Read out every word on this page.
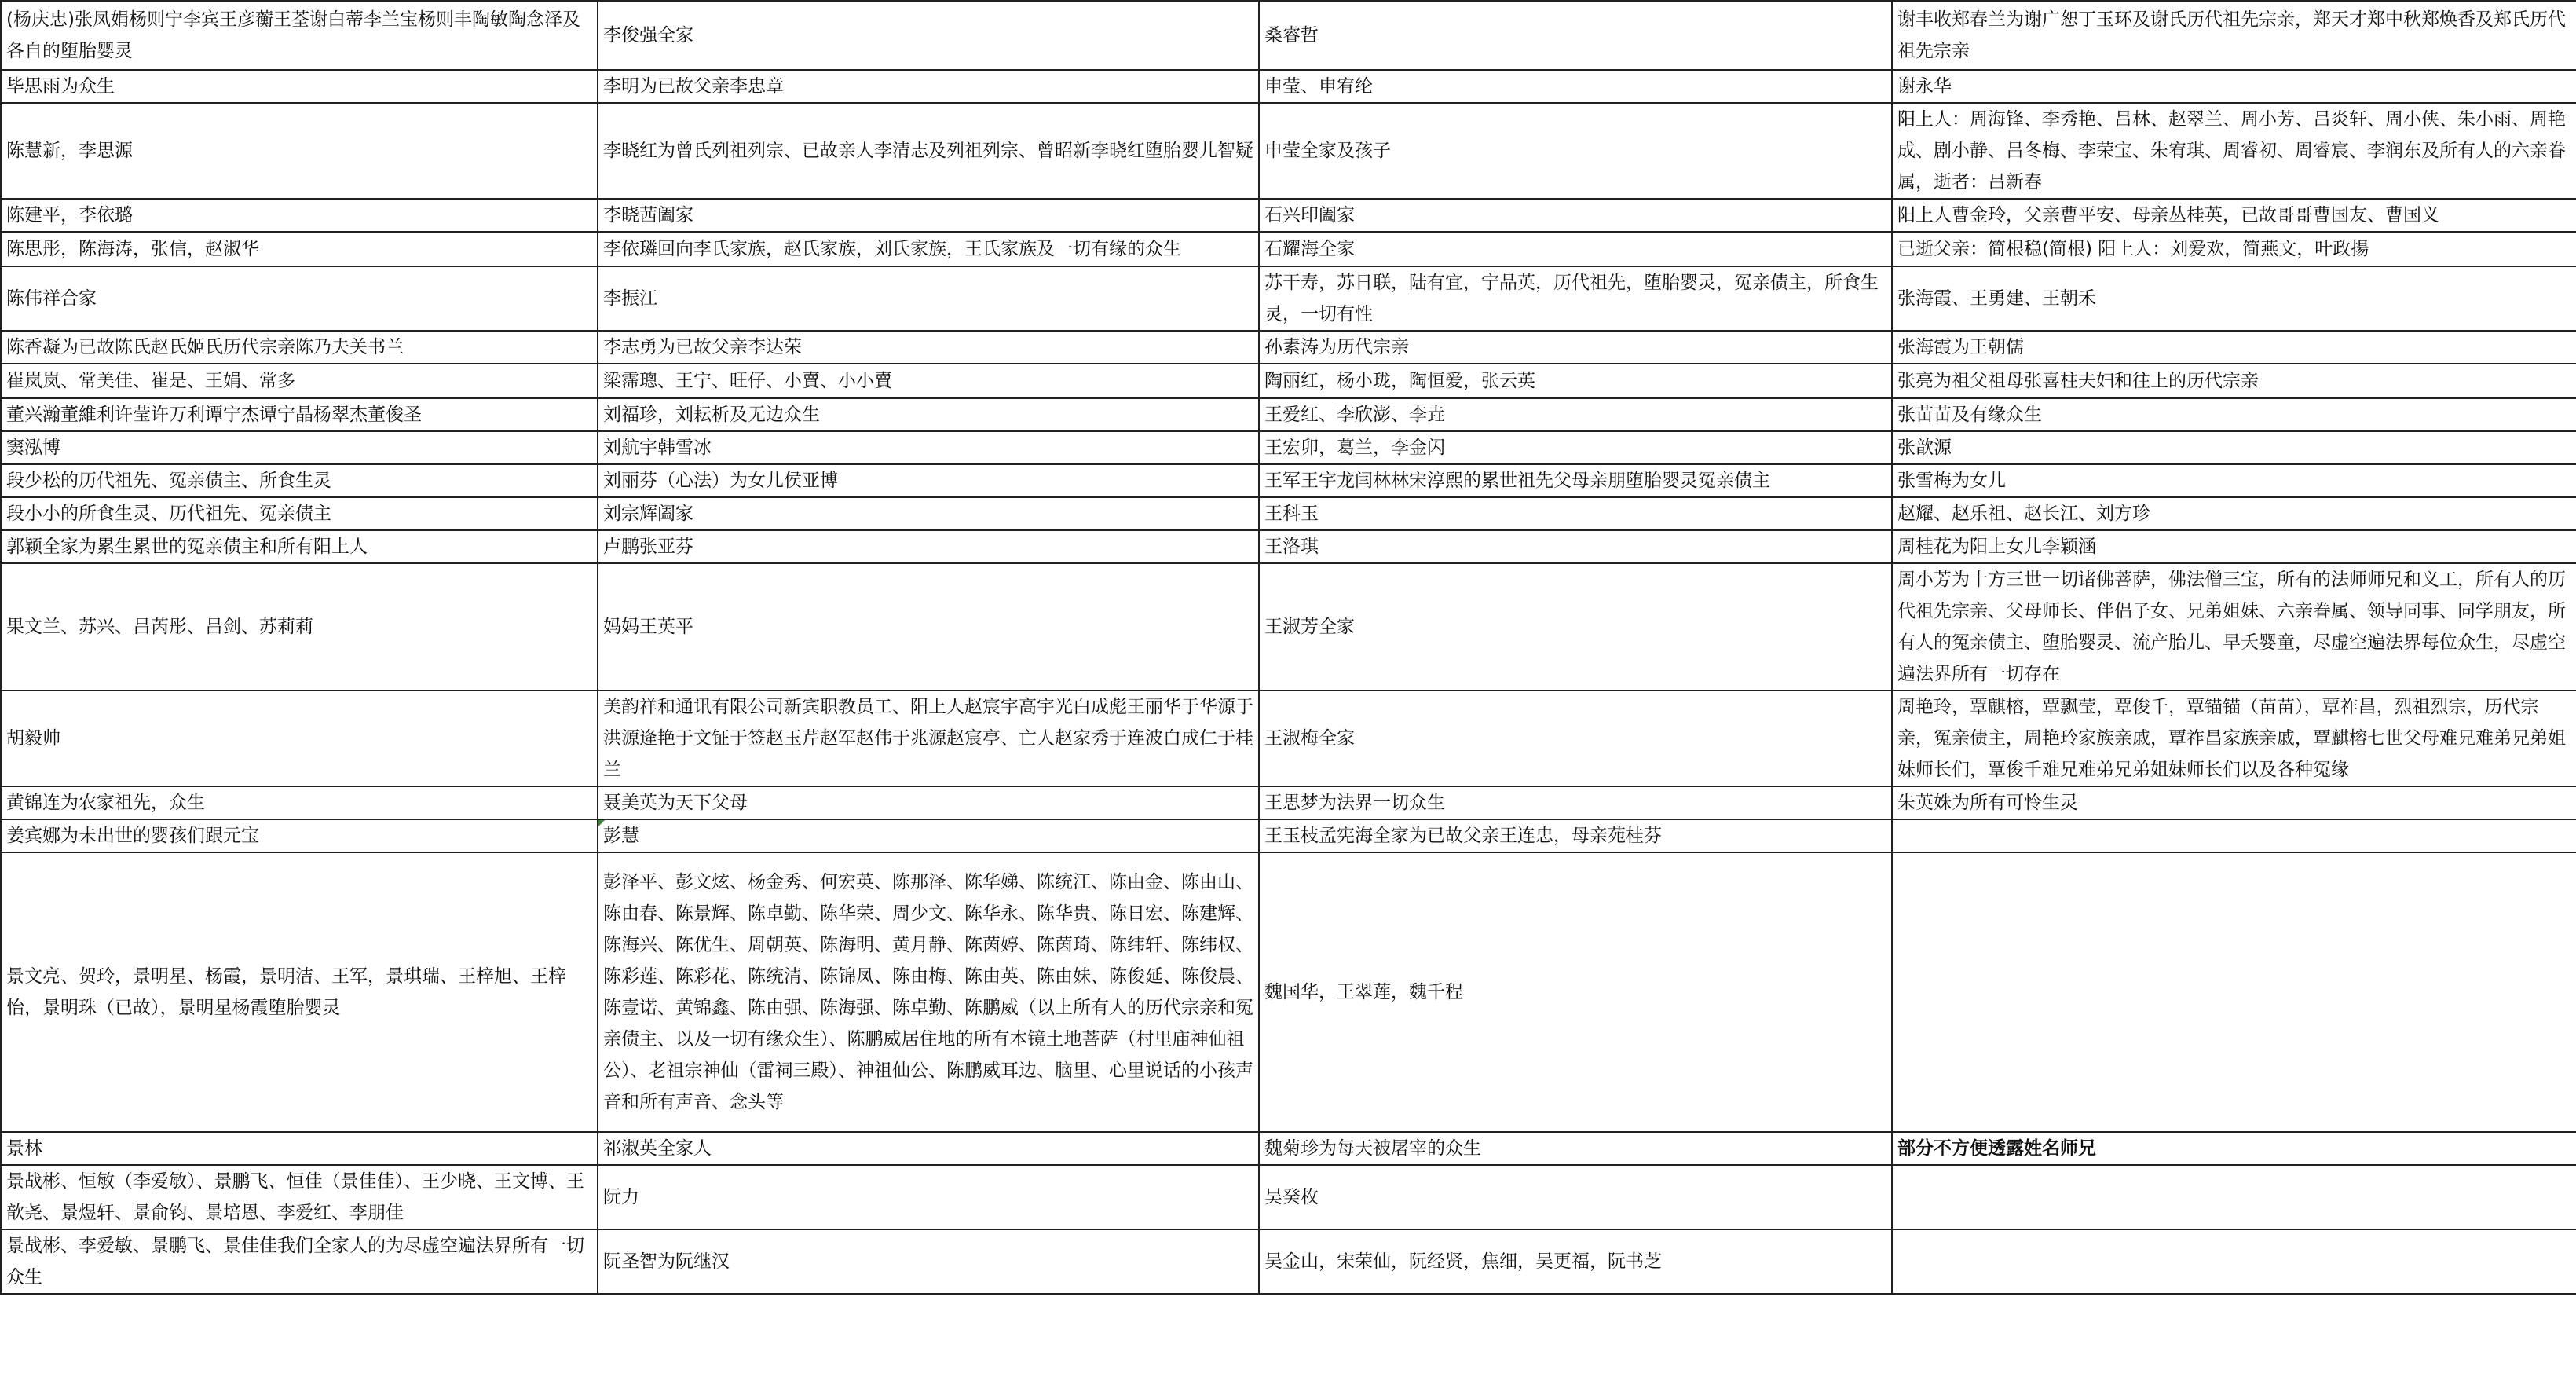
(杨庆忠)张凤娟杨则宁李宾王彦蘅王荃谢白蒂李兰宝杨则丰陶敏陶念泽及各自的堕胎婴灵	李俊强全家	桑睿哲	谢丰收郑春兰为谢广恕丁玉环及谢氏历代祖先宗亲，郑天才郑中秋郑焕香及郑氏历代祖先宗亲
毕思雨为众生	李明为已故父亲李忠章	申莹、申宥纶	谢永华
陈慧新，李思源	李晓红为曾氏列祖列宗、已故亲人李清志及列祖列宗、曾昭新李晓红堕胎婴儿智疑	申莹全家及孩子	阳上人：周海锋、李秀艳、吕林、赵翠兰、周小芳、吕炎轩、周小侠、朱小雨、周艳成、剧小静、吕冬梅、李荣宝、朱宥琪、周睿初、周睿宸、李润东及所有人的六亲眷属，逝者：吕新春
陈建平，李依璐	李晓茜阖家	石兴印阖家	阳上人曹金玲，父亲曹平安、母亲丛桂英，已故哥哥曹国友、曹国义
陈思彤，陈海涛，张信，赵淑华	李依璘回向李氏家族，赵氏家族，刘氏家族，王氏家族及一切有缘的众生	石耀海全家	已逝父亲：简根稳(简根) 阳上人：刘爱欢，简燕文，叶政揚
陈伟祥合家	李振江	苏干寿，苏日联，陆有宜，宁品英，历代祖先，堕胎婴灵，冤亲债主，所食生灵，一切有性	张海霞、王勇建、王朝禾
陈香凝为已故陈氏赵氏姬氏历代宗亲陈乃夫关书兰	李志勇为已故父亲李达荣	孙素涛为历代宗亲	张海霞为王朝儒
崔岚岚、常美佳、崔是、王娟、常多	梁霈璁、王宁、旺仔、小賣、小小賣	陶丽红，杨小珑，陶恒爱，张云英	张亮为祖父祖母张喜柱夫妇和往上的历代宗亲
董兴瀚董維利许莹许万利谭宁杰谭宁晶杨翠杰董俊圣	刘福珍，刘耘析及无边众生	王爱红、李欣澎、李垚	张苗苗及有缘众生
窦泓博	刘航宇韩雪冰	王宏卯，葛兰，李金闪	张歆源
段少松的历代祖先、冤亲债主、所食生灵	刘丽芬（心法）为女儿侯亚博	王军王宇龙闫林林宋淳熙的累世祖先父母亲朋堕胎婴灵冤亲债主	张雪梅为女儿
段小小的所食生灵、历代祖先、冤亲债主	刘宗辉阖家	王科玉	赵耀、赵乐祖、赵长江、刘方珍
郭颖全家为累生累世的冤亲债主和所有阳上人	卢鹏张亚芬	王洛琪	周桂花为阳上女儿李颖涵
果文兰、苏兴、吕芮彤、吕剑、苏莉莉	妈妈王英平	王淑芳全家	周小芳为十方三世一切诸佛菩萨，佛法僧三宝，所有的法师师兄和义工，所有人的历代祖先宗亲、父母师长、伴侣子女、兄弟姐妹、六亲眷属、领导同事、同学朋友，所有人的冤亲债主、堕胎婴灵、流产胎儿、早夭婴童，尽虚空遍法界每位众生，尽虚空遍法界所有一切存在
胡毅帅	美韵祥和通讯有限公司新宾职教员工、阳上人赵宸宇高宇光白成彪王丽华于华源于洪源逄艳于文钲于签赵玉芹赵军赵伟于兆源赵宸亭、亡人赵家秀于连波白成仁于桂兰	王淑梅全家	周艳玲，覃麒榕，覃飘莹，覃俊千，覃锚锚（苗苗），覃祚昌，烈祖烈宗，历代宗亲，冤亲债主，周艳玲家族亲戚，覃祚昌家族亲戚，覃麒榕七世父母难兄难弟兄弟姐妹师长们，覃俊千难兄难弟兄弟姐妹师长们以及各种冤缘
黄锦连为农家祖先，众生	聂美英为天下父母	王思梦为法界一切众生	朱英姝为所有可怜生灵
姜宾娜为未出世的婴孩们跟元宝	彭慧	王玉枝孟宪海全家为已故父亲王连忠，母亲苑桂芬	
景文亮、贺玲，景明星、杨霞，景明洁、王军，景琪瑞、王梓旭、王梓怡，景明珠（已故），景明星杨霞堕胎婴灵	彭泽平、彭文炫、杨金秀、何宏英、陈那泽、陈华娣、陈统江、陈由金、陈由山、陈由春、陈景辉、陈卓勤、陈华荣、周少文、陈华永、陈华贵、陈日宏、陈建辉、陈海兴、陈优生、周朝英、陈海明、黄月静、陈茵婷、陈茵琦、陈纬轩、陈纬权、陈彩莲、陈彩花、陈统清、陈锦凤、陈由梅、陈由英、陈由妹、陈俊延、陈俊晨、陈壹诺、黄锦鑫、陈由强、陈海强、陈卓勤、陈鹏威（以上所有人的历代宗亲和冤亲债主、以及一切有缘众生）、陈鹏威居住地的所有本镜土地菩萨（村里庙神仙祖公）、老祖宗神仙（雷祠三殿）、神祖仙公、陈鹏威耳边、脑里、心里说话的小孩声音和所有声音、念头等	魏国华，王翠莲，魏千程	
景林	祁淑英全家人	魏菊珍为每天被屠宰的众生	部分不方便透露姓名师兄
景战彬、恒敏（李爱敏）、景鹏飞、恒佳（景佳佳）、王少晓、王文博、王歆尧、景煜轩、景俞钧、景培恩、李爱红、李朋佳	阮力	吴癸枚	
景战彬、李爱敏、景鹏飞、景佳佳我们全家人的为尽虚空遍法界所有一切众生	阮圣智为阮继汉	吴金山，宋荣仙，阮经贤，焦细，吴更福，阮书芝	
